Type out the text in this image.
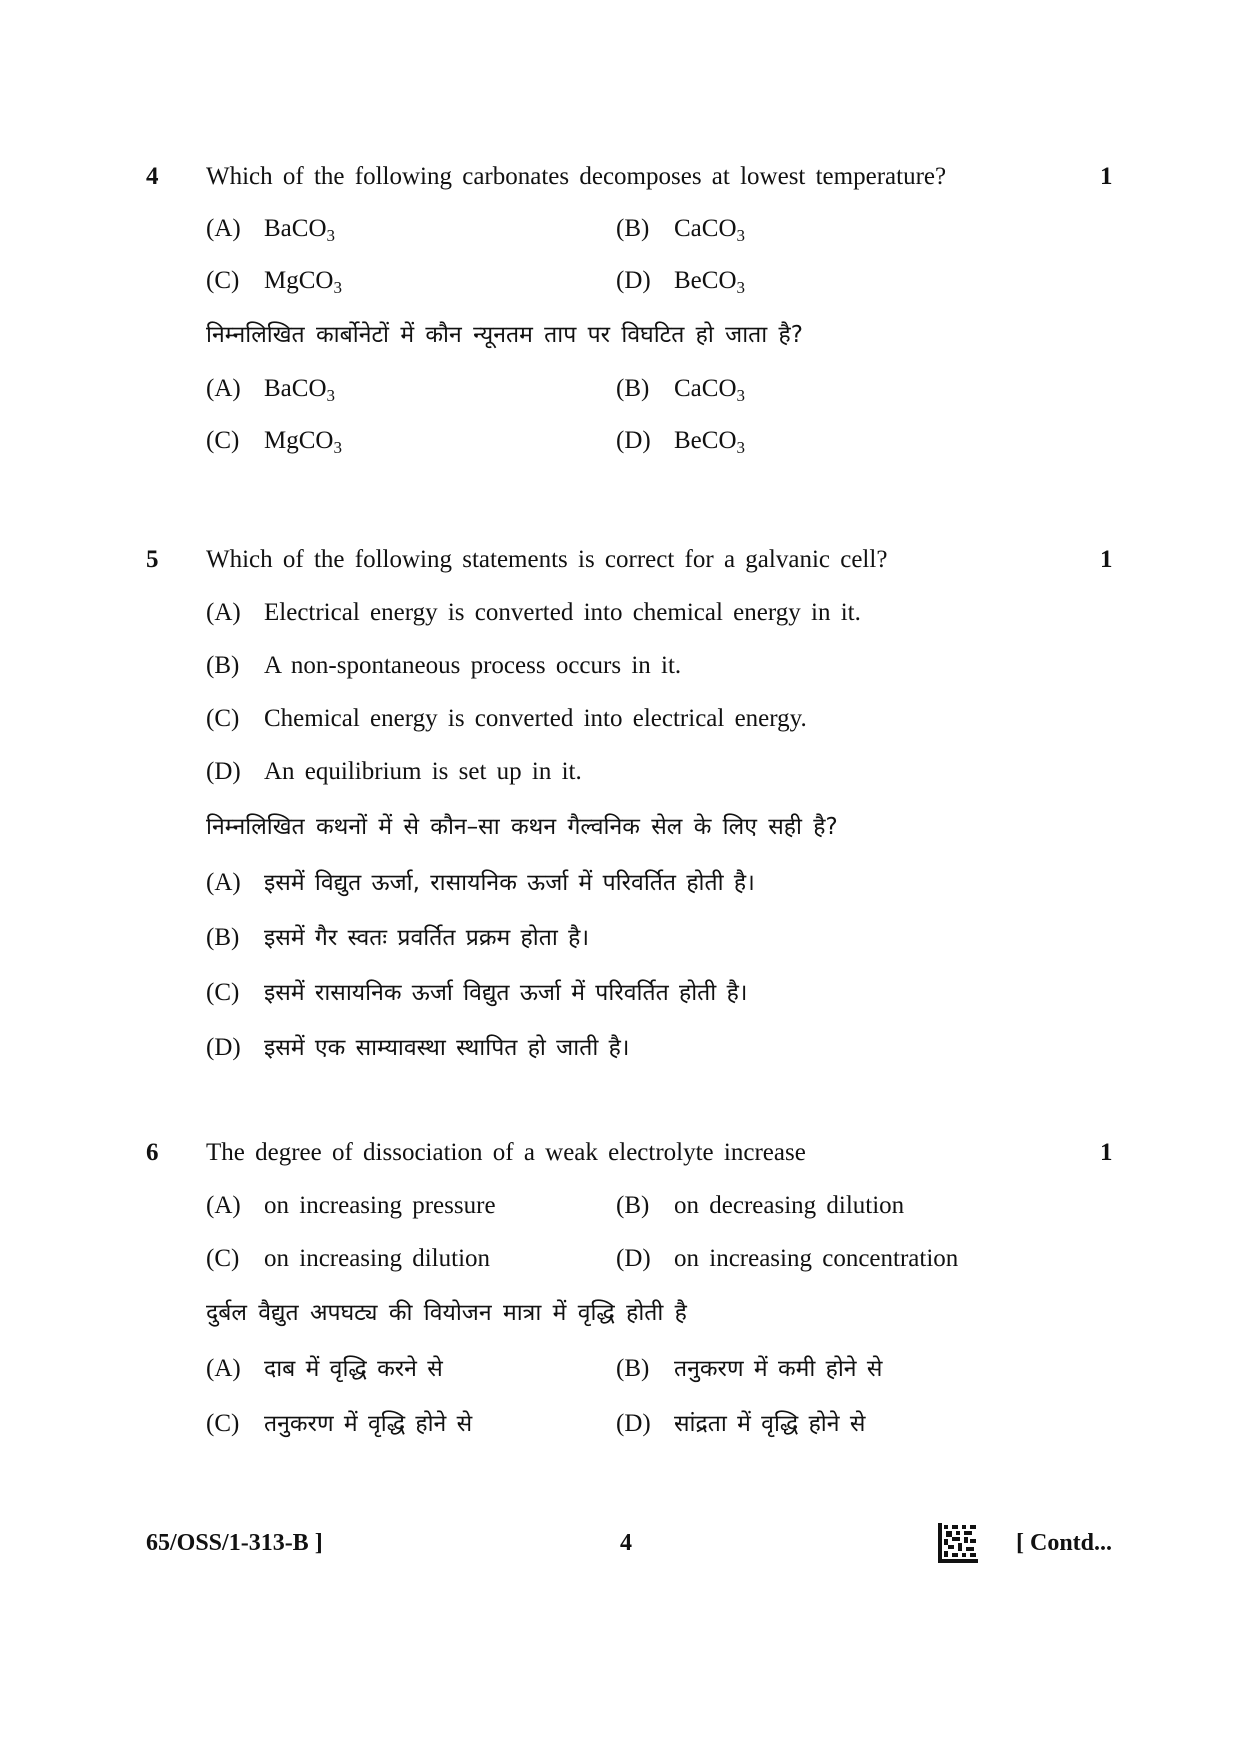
4 Which of the following carbonates decomposes at lowest temperature?	1
(A) BaCO$_3$	(B) CaCO$_3$
(C) MgCO$_3$	(D) BeCO$_3$
निम्नलिखित कार्बोनेटों में कौन न्यूनतम ताप पर विघटित हो जाता है?
(A) BaCO$_3$	(B) CaCO$_3$
(C) MgCO$_3$	(D) BeCO$_3$
5 Which of the following statements is correct for a galvanic cell?	1
(A) Electrical energy is converted into chemical energy in it.
(B) A non-spontaneous process occurs in it.
(C) Chemical energy is converted into electrical energy.
(D) An equilibrium is set up in it.
निम्नलिखित कथनों में से कौन–सा कथन गैल्वनिक सेल के लिए सही है?
(A) इसमें विद्युत ऊर्जा, रासायनिक ऊर्जा में परिवर्तित होती है।
(B) इसमें गैर स्वतः प्रवर्तित प्रक्रम होता है।
(C) इसमें रासायनिक ऊर्जा विद्युत ऊर्जा में परिवर्तित होती है।
(D) इसमें एक साम्यावस्था स्थापित हो जाती है।
6 The degree of dissociation of a weak electrolyte increase	1
(A) on increasing pressure	(B) on decreasing dilution
(C) on increasing dilution	(D) on increasing concentration
दुर्बल वैद्युत अपघट्य की वियोजन मात्रा में वृद्धि होती है
(A) दाब में वृद्धि करने से	(B) तनुकरण में कमी होने से
(C) तनुकरण में वृद्धि होने से	(D) सांद्रता में वृद्धि होने से
65/OSS/1-313-B ]	4	[ Contd...
